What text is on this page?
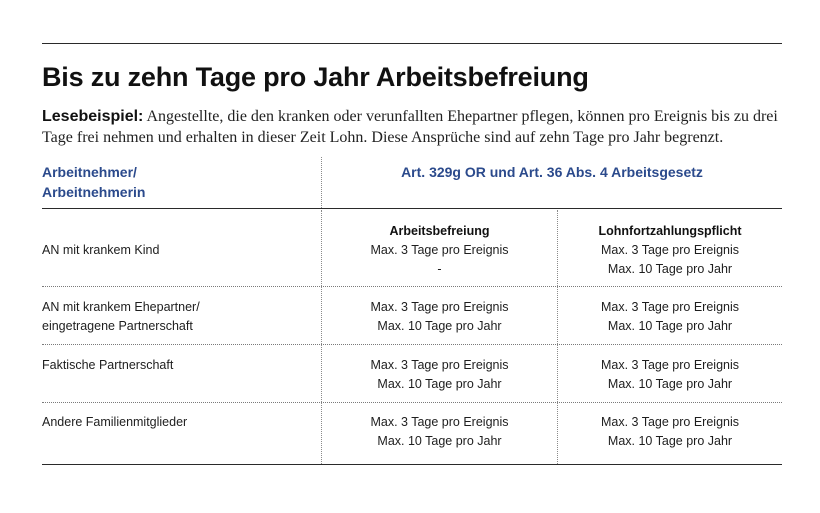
Bis zu zehn Tage pro Jahr Arbeitsbefreiung

Lesebeispiel: Angestellte, die den kranken oder verunfallten Ehepartner pflegen, können pro Ereignis bis zu drei Tage frei nehmen und erhalten in dieser Zeit Lohn. Diese Ansprüche sind auf zehn Tage pro Jahr begrenzt.

Arbeitnehmer/
Arbeitnehmerin
Art. 329g OR und Art. 36 Abs. 4 Arbeitsgesetz
AN mit krankem Kind
Arbeitsbefreiung
Max. 3 Tage pro Ereignis
-
Lohnfortzahlungspflicht
Max. 3 Tage pro Ereignis
Max. 10 Tage pro Jahr
AN mit krankem Ehepartner/
eingetragene Partnerschaft
Max. 3 Tage pro Ereignis
Max. 10 Tage pro Jahr
Max. 3 Tage pro Ereignis
Max. 10 Tage pro Jahr
Faktische Partnerschaft	Max. 3 Tage pro Ereignis
Max. 10 Tage pro Jahr
Max. 3 Tage pro Ereignis
Max. 10 Tage pro Jahr
Andere Familienmitglieder	Max. 3 Tage pro Ereignis
Max. 10 Tage pro Jahr
Max. 3 Tage pro Ereignis
Max. 10 Tage pro Jahr
